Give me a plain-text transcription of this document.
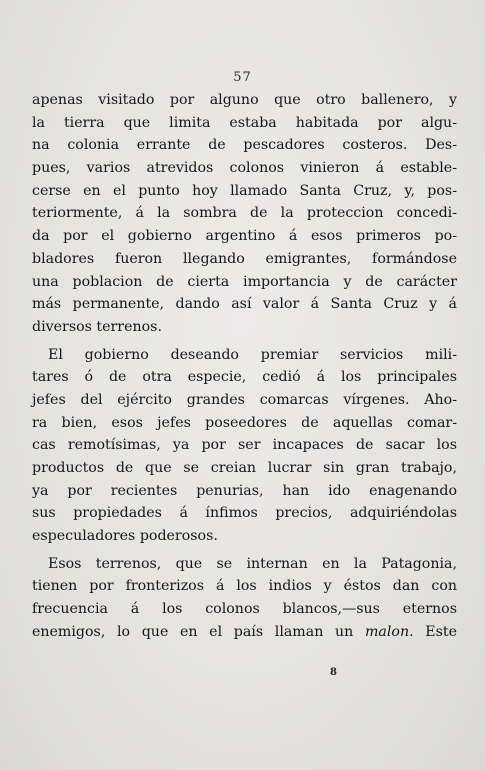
57
apenas visitado por alguno que otro ballenero, y
la tierra que limita estaba habitada por algu-
na colonia errante de pescadores costeros. Des-
pues, varios atrevidos colonos vinieron á estable-
cerse en el punto hoy llamado Santa Cruz, y, pos-
teriormente, á la sombra de la proteccion concedi-
da por el gobierno argentino á esos primeros po-
bladores fueron llegando emigrantes, formándose
una poblacion de cierta importancia y de carácter
más permanente, dando así valor á Santa Cruz y á
diversos terrenos.
El gobierno deseando premiar servicios mili-
tares ó de otra especie, cedió á los principales
jefes del ejército grandes comarcas vírgenes. Aho-
ra bien, esos jefes poseedores de aquellas comar-
cas remotísimas, ya por ser incapaces de sacar los
productos de que se creian lucrar sin gran trabajo,
ya por recientes penurias, han ido enagenando
sus propiedades á ínfimos precios, adquiriéndolas
especuladores poderosos.
Esos terrenos, que se internan en la Patagonia,
tienen por fronterizos á los indios y éstos dan con
frecuencia á los colonos blancos,—sus eternos
enemigos, lo que en el país llaman un malon. Este
8
